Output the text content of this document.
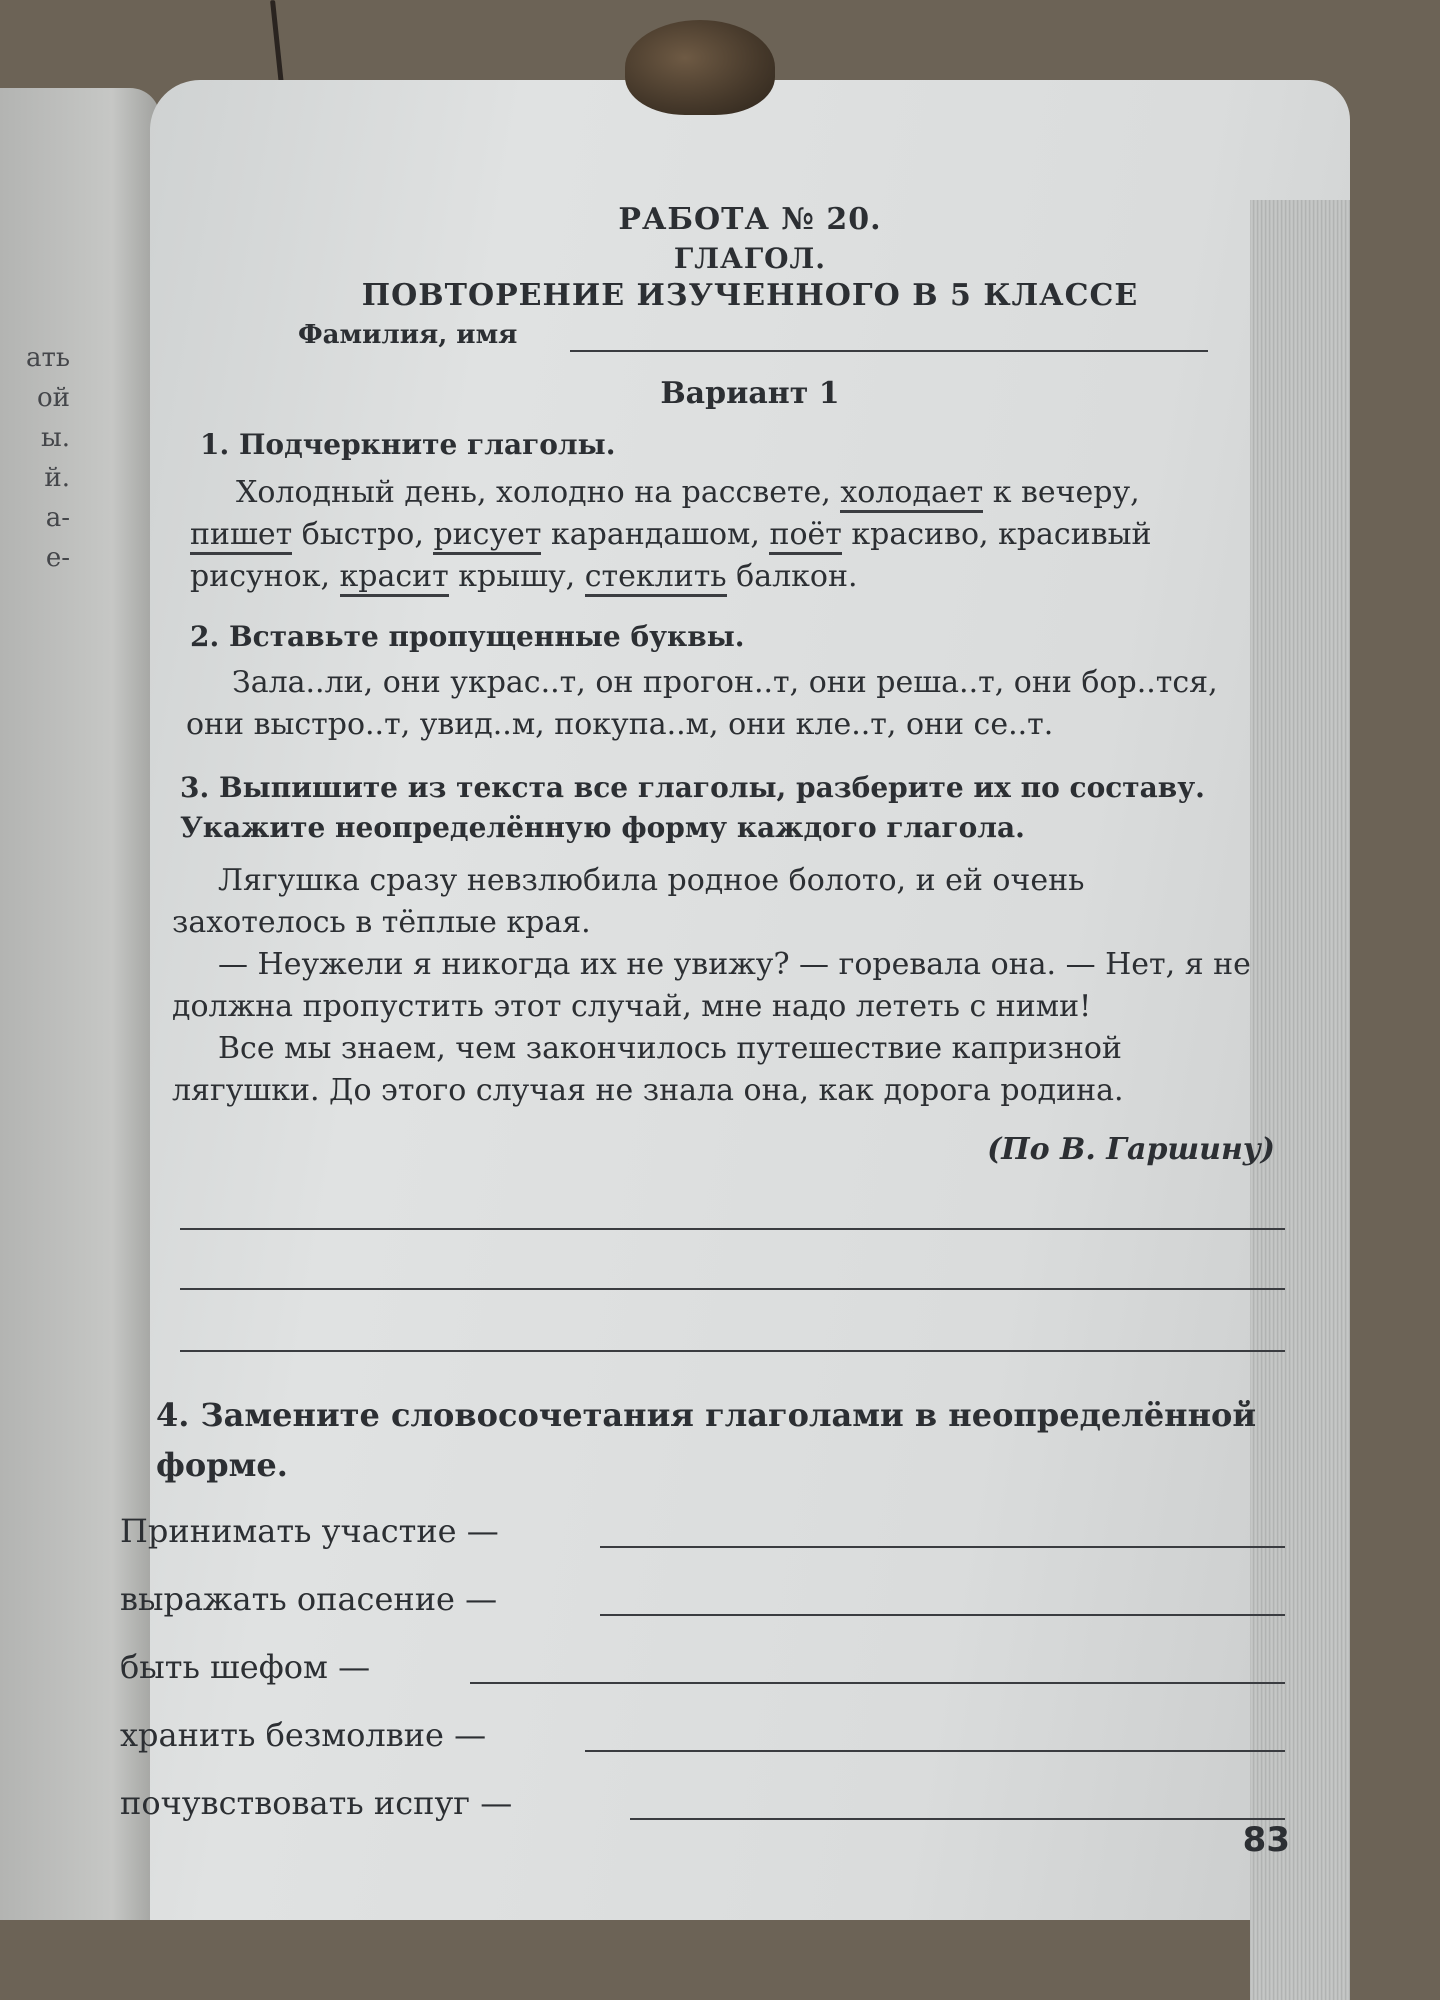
ать
ой
ы.
й.
а-
е-
РАБОТА № 20.
ГЛАГОЛ.
ПОВТОРЕНИЕ ИЗУЧЕННОГО В 5 КЛАССЕ
Фамилия, имя
Вариант 1
1. Подчеркните глаголы.

Холодный день, холодно на рассвете, холодает к вечеру, пишет быстро, рисует карандашом, поёт красиво, красивый рисунок, красит крышу, стеклить балкон.

2. Вставьте пропущенные буквы.

Зала..ли, они украс..т, он прогон..т, они реша..т, они бор..тся, они выстро..т, увид..м, покупа..м, они кле..т, они се..т.

3. Выпишите из текста все глаголы, разберите их по составу.
Укажите неопределённую форму каждого глагола.

Лягушка сразу невзлюбила родное болото, и ей очень захотелось в тёплые края.

— Неужели я никогда их не увижу? — горевала она. — Нет, я не должна пропустить этот случай, мне надо лететь с ними!

Все мы знаем, чем закончилось путешествие капризной лягушки. До этого случая не знала она, как дорога родина.

(По В. Гаршину)
4. Замените словосочетания глаголами в неопределённой форме.
Принимать участие —
выражать опасение —
быть шефом —
хранить безмолвие —
почувствовать испуг —
83
